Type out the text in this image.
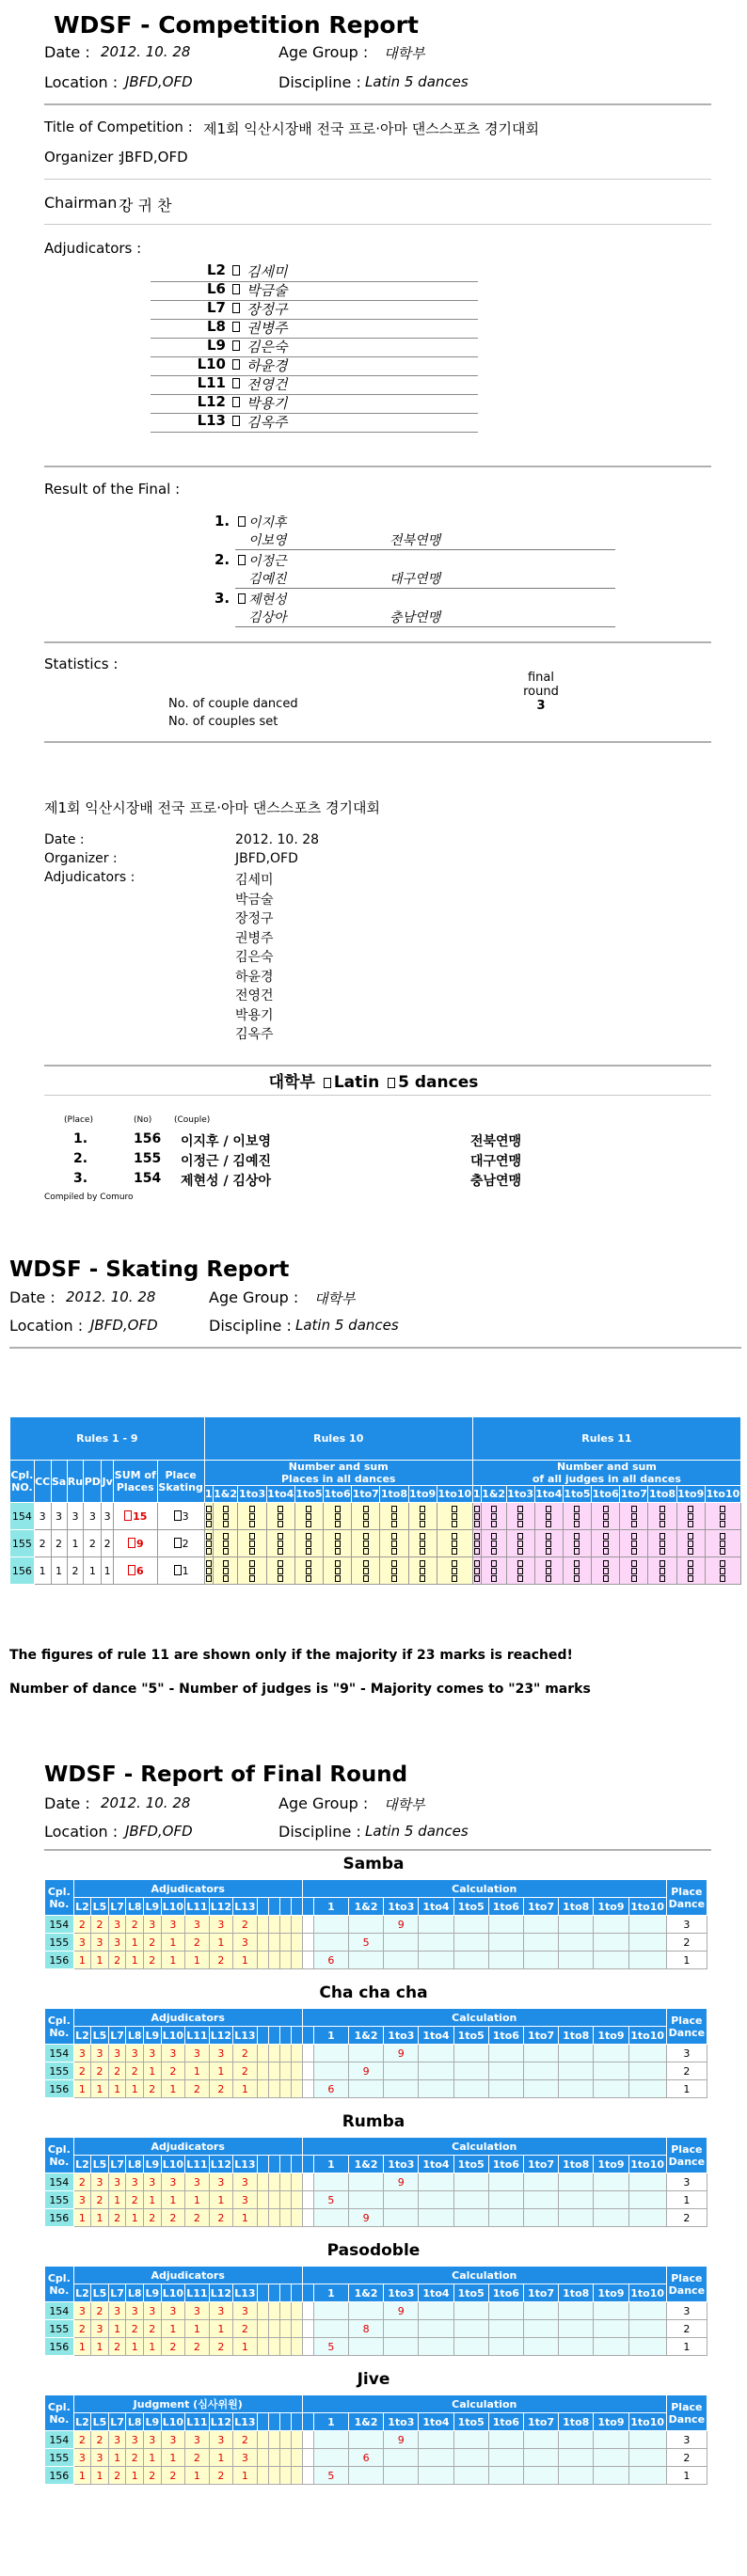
WDSF - Competition Report
Date : 2012. 10. 28	Age Group : 대학부
Location : JBFD,OFD	Discipline : Latin 5 dances
Title of Competition : 제1회 익산시장배 전국 프로·아마 댄스스포츠 경기대회
Organizer :
JBFD,OFD
Chairman :
강 귀 찬
Adjudicators :
L2 김세미
L6 박금술
L7 장정구
L8 권병주
L9 김은숙
L10 하윤경
L11 전영건
L12 박용기
L13 김옥주
Result of the Final :
1. 이지후
이보영	전북연맹
2. 이정근
김예진	대구연맹
3. 제현성
김상아	충남연맹
Statistics :
final
round
3
No. of couple danced
No. of couples set
제1회 익산시장배 전국 프로·아마 댄스스포츠 경기대회
Date :	2012. 10. 28
Organizer :	JBFD,OFD
Adjudicators :	김세미
박금술
장정구
권병주
김은숙
하윤경
전영건
박용기
김옥주
대학부 Latin 5 dances
(Place)	(No)	(Couple)
1.	156 이지후 / 이보영	전북연맹
2.	155 이정근 / 김예진	대구연맹
3.	154 제현성 / 김상아	충남연맹
Compiled by Comuro
WDSF - Skating Report
Date : 2012. 10. 28	Age Group : 대학부
Location : JBFD,OFD	Discipline : Latin 5 dances
Rules 1 - 9								Rules 10										Rules 11									
Cpl.
NO.	CC	Sa	Ru	PD	Jv	SUM of
Places	Place
Skating	Number and sum
Places in all dances										Number and sum
of all judges in all dances									
								1	1&2	1to3	1to4	1to5	1to6	1to7	1to8	1to9	1to10	1	1&2	1to3	1to4	1to5	1to6	1to7	1to8	1to9	1to10
154	3	3	3	3	3	15	3	

155	2	2	1	2	2	9	2	

156	1	1	2	1	1	6	1	

The figures of rule 11 are shown only if the majority if 23 marks is reached!
Number of dance "5" - Number of judges is "9" - Majority comes to "23" marks
WDSF - Report of Final Round
Date : 2012. 10. 28	Age Group : 대학부
Location : JBFD,OFD	Discipline : Latin 5 dances
Samba
Cpl.
No.	Adjudicators													Calculation											Place
Dance
	L2	L5	L7	L8	L9	L10	L11	L12	L13						1	1&2	1to3	1to4	1to5	1to6	1to7	1to8	1to9	1to10	
154	2	2	3	2	3	3	3	3	2								9								3
155	3	3	3	1	2	1	2	1	3							5									2
156	1	1	2	1	2	1	1	2	1						6										1
Cha cha cha
Cpl.
No.	Adjudicators													Calculation											Place
Dance
	L2	L5	L7	L8	L9	L10	L11	L12	L13						1	1&2	1to3	1to4	1to5	1to6	1to7	1to8	1to9	1to10	
154	3	3	3	3	3	3	3	3	2								9								3
155	2	2	2	2	1	2	1	1	2							9									2
156	1	1	1	1	2	1	2	2	1						6										1
Rumba
Cpl.
No.	Adjudicators													Calculation											Place
Dance
	L2	L5	L7	L8	L9	L10	L11	L12	L13						1	1&2	1to3	1to4	1to5	1to6	1to7	1to8	1to9	1to10	
154	2	3	3	3	3	3	3	3	3								9								3
155	3	2	1	2	1	1	1	1	3						5										1
156	1	1	2	1	2	2	2	2	1							9									2
Pasodoble
Cpl.
No.	Adjudicators													Calculation											Place
Dance
	L2	L5	L7	L8	L9	L10	L11	L12	L13						1	1&2	1to3	1to4	1to5	1to6	1to7	1to8	1to9	1to10	
154	3	2	3	3	3	3	3	3	3								9								3
155	2	3	1	2	2	1	1	1	2							8									2
156	1	1	2	1	1	2	2	2	1						5										1
Jive
Cpl.
No.	Judgment (심사위원)													Calculation											Place
Dance
	L2	L5	L7	L8	L9	L10	L11	L12	L13						1	1&2	1to3	1to4	1to5	1to6	1to7	1to8	1to9	1to10	
154	2	2	3	3	3	3	3	3	2								9								3
155	3	3	1	2	1	1	2	1	3							6									2
156	1	1	2	1	2	2	1	2	1						5										1
